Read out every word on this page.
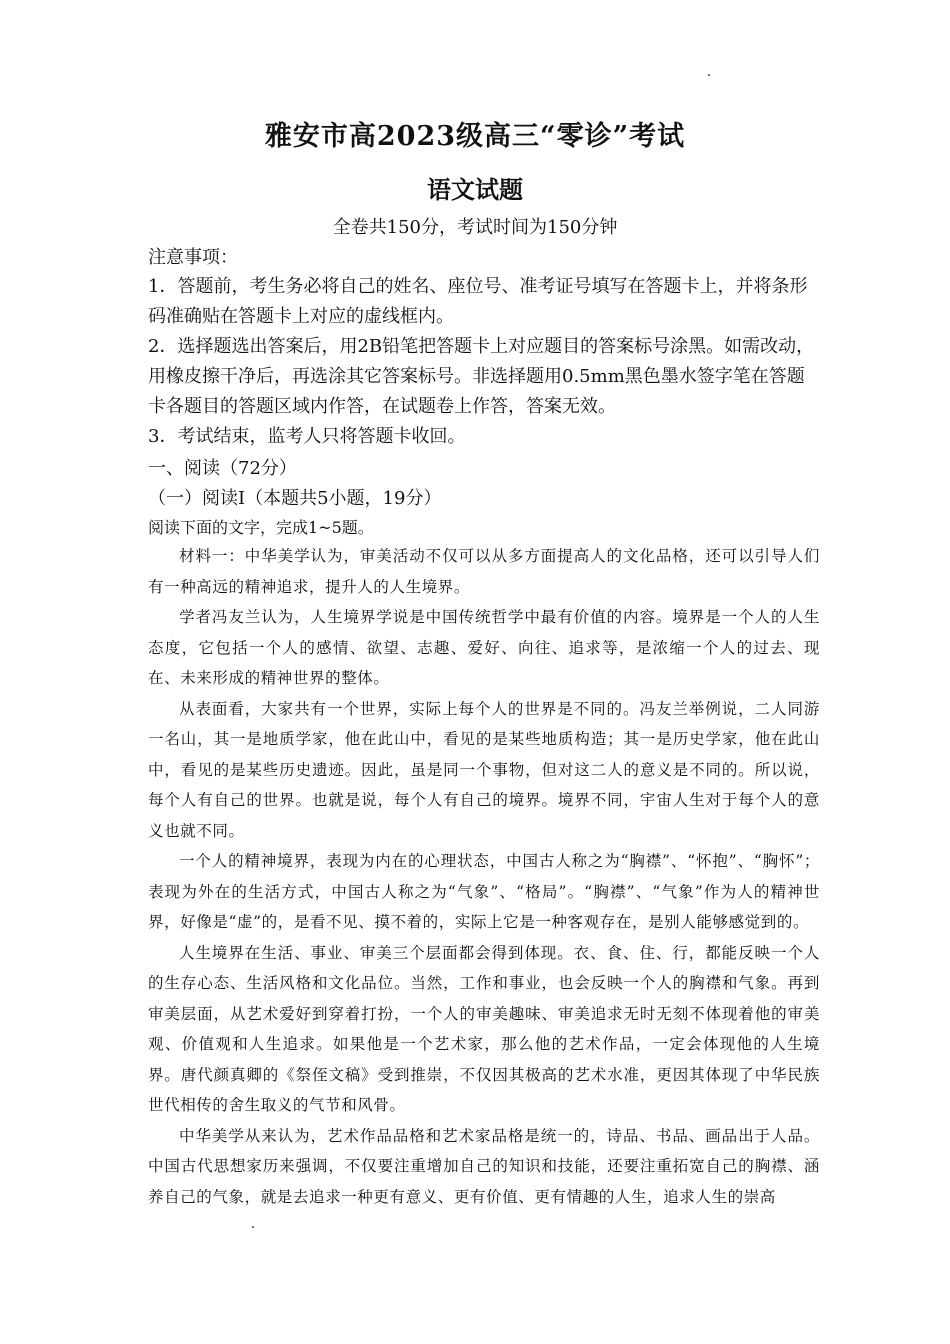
雅安市高2023级高三“零诊”考试
语文试题
全卷共150分，考试时间为150分钟
注意事项：

1．答题前，考生务必将自己的姓名、座位号、准考证号填写在答题卡上，并将条形码准确贴在答题卡上对应的虚线框内。

2．选择题选出答案后，用2B铅笔把答题卡上对应题目的答案标号涂黑。如需改动，用橡皮擦干净后，再选涂其它答案标号。非选择题用0.5mm黑色墨水签字笔在答题卡各题目的答题区域内作答，在试题卷上作答，答案无效。

3．考试结束，监考人只将答题卡收回。

一、阅读（72分）
（一）阅读I（本题共5小题，19分）
阅读下面的文字，完成1~5题。

材料一：中华美学认为，审美活动不仅可以从多方面提高人的文化品格，还可以引导人们有一种高远的精神追求，提升人的人生境界。

学者冯友兰认为，人生境界学说是中国传统哲学中最有价值的内容。境界是一个人的人生态度，它包括一个人的感情、欲望、志趣、爱好、向往、追求等，是浓缩一个人的过去、现在、未来形成的精神世界的整体。

从表面看，大家共有一个世界，实际上每个人的世界是不同的。冯友兰举例说，二人同游一名山，其一是地质学家，他在此山中，看见的是某些地质构造；其一是历史学家，他在此山中，看见的是某些历史遗迹。因此，虽是同一个事物，但对这二人的意义是不同的。所以说，每个人有自己的世界。也就是说，每个人有自己的境界。境界不同，宇宙人生对于每个人的意义也就不同。

一个人的精神境界，表现为内在的心理状态，中国古人称之为“胸襟”、“怀抱”、“胸怀”；表现为外在的生活方式，中国古人称之为“气象”、“格局”。“胸襟”、“气象”作为人的精神世界，好像是“虚”的，是看不见、摸不着的，实际上它是一种客观存在，是别人能够感觉到的。

人生境界在生活、事业、审美三个层面都会得到体现。衣、食、住、行，都能反映一个人的生存心态、生活风格和文化品位。当然，工作和事业，也会反映一个人的胸襟和气象。再到审美层面，从艺术爱好到穿着打扮，一个人的审美趣味、审美追求无时无刻不体现着他的审美观、价值观和人生追求。如果他是一个艺术家，那么他的艺术作品，一定会体现他的人生境界。唐代颜真卿的《祭侄文稿》受到推崇，不仅因其极高的艺术水准，更因其体现了中华民族世代相传的舍生取义的气节和风骨。

中华美学从来认为，艺术作品品格和艺术家品格是统一的，诗品、书品、画品出于人品。中国古代思想家历来强调，不仅要注重增加自己的知识和技能，还要注重拓宽自己的胸襟、涵养自己的气象，就是去追求一种更有意义、更有价值、更有情趣的人生，追求人生的崇高
